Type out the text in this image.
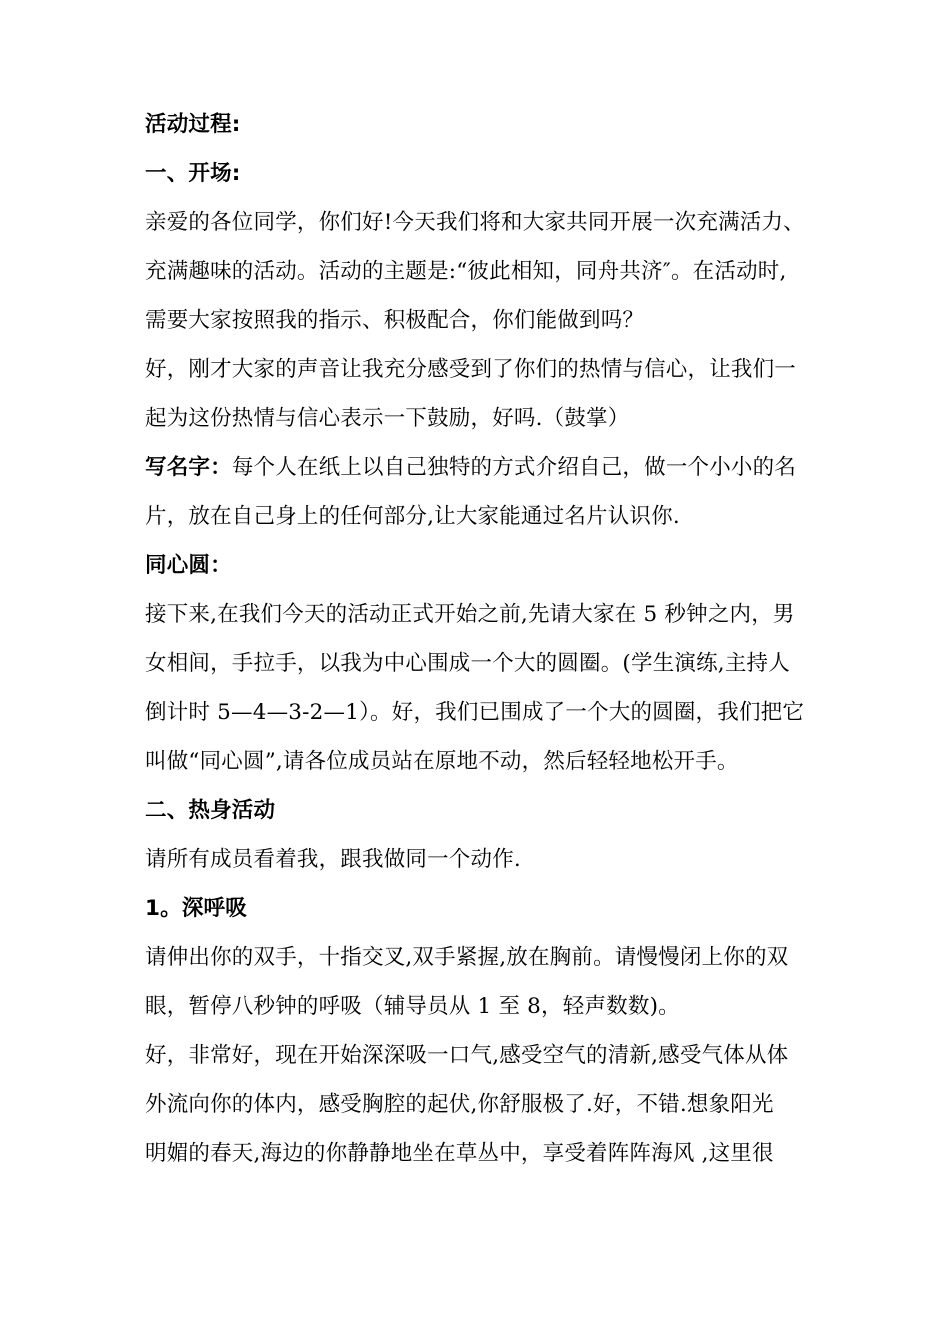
活动过程:
一、开场:
亲爱的各位同学，你们好!今天我们将和大家共同开展一次充满活力、
充满趣味的活动。活动的主题是:“彼此相知，同舟共济″。在活动时,
需要大家按照我的指示、积极配合，你们能做到吗？
好，刚才大家的声音让我充分感受到了你们的热情与信心，让我们一
起为这份热情与信心表示一下鼓励，好吗.（鼓掌）
写名字：每个人在纸上以自己独特的方式介绍自己，做一个小小的名
片，放在自己身上的任何部分,让大家能通过名片认识你.
同心圆：
接下来,在我们今天的活动正式开始之前,先请大家在 5 秒钟之内，男
女相间，手拉手，以我为中心围成一个大的圆圈。(学生演练,主持人
倒计时 5—4—3-2—1）。好，我们已围成了一个大的圆圈，我们把它
叫做“同心圆”,请各位成员站在原地不动，然后轻轻地松开手。
二、热身活动
请所有成员看着我，跟我做同一个动作.
1。深呼吸
请伸出你的双手，十指交叉,双手紧握,放在胸前。请慢慢闭上你的双
眼，暂停八秒钟的呼吸（辅导员从 1 至 8，轻声数数)。
好，非常好，现在开始深深吸一口气,感受空气的清新,感受气体从体
外流向你的体内，感受胸腔的起伏,你舒服极了.好，不错.想象阳光
明媚的春天,海边的你静静地坐在草丛中，享受着阵阵海风 ,这里很
